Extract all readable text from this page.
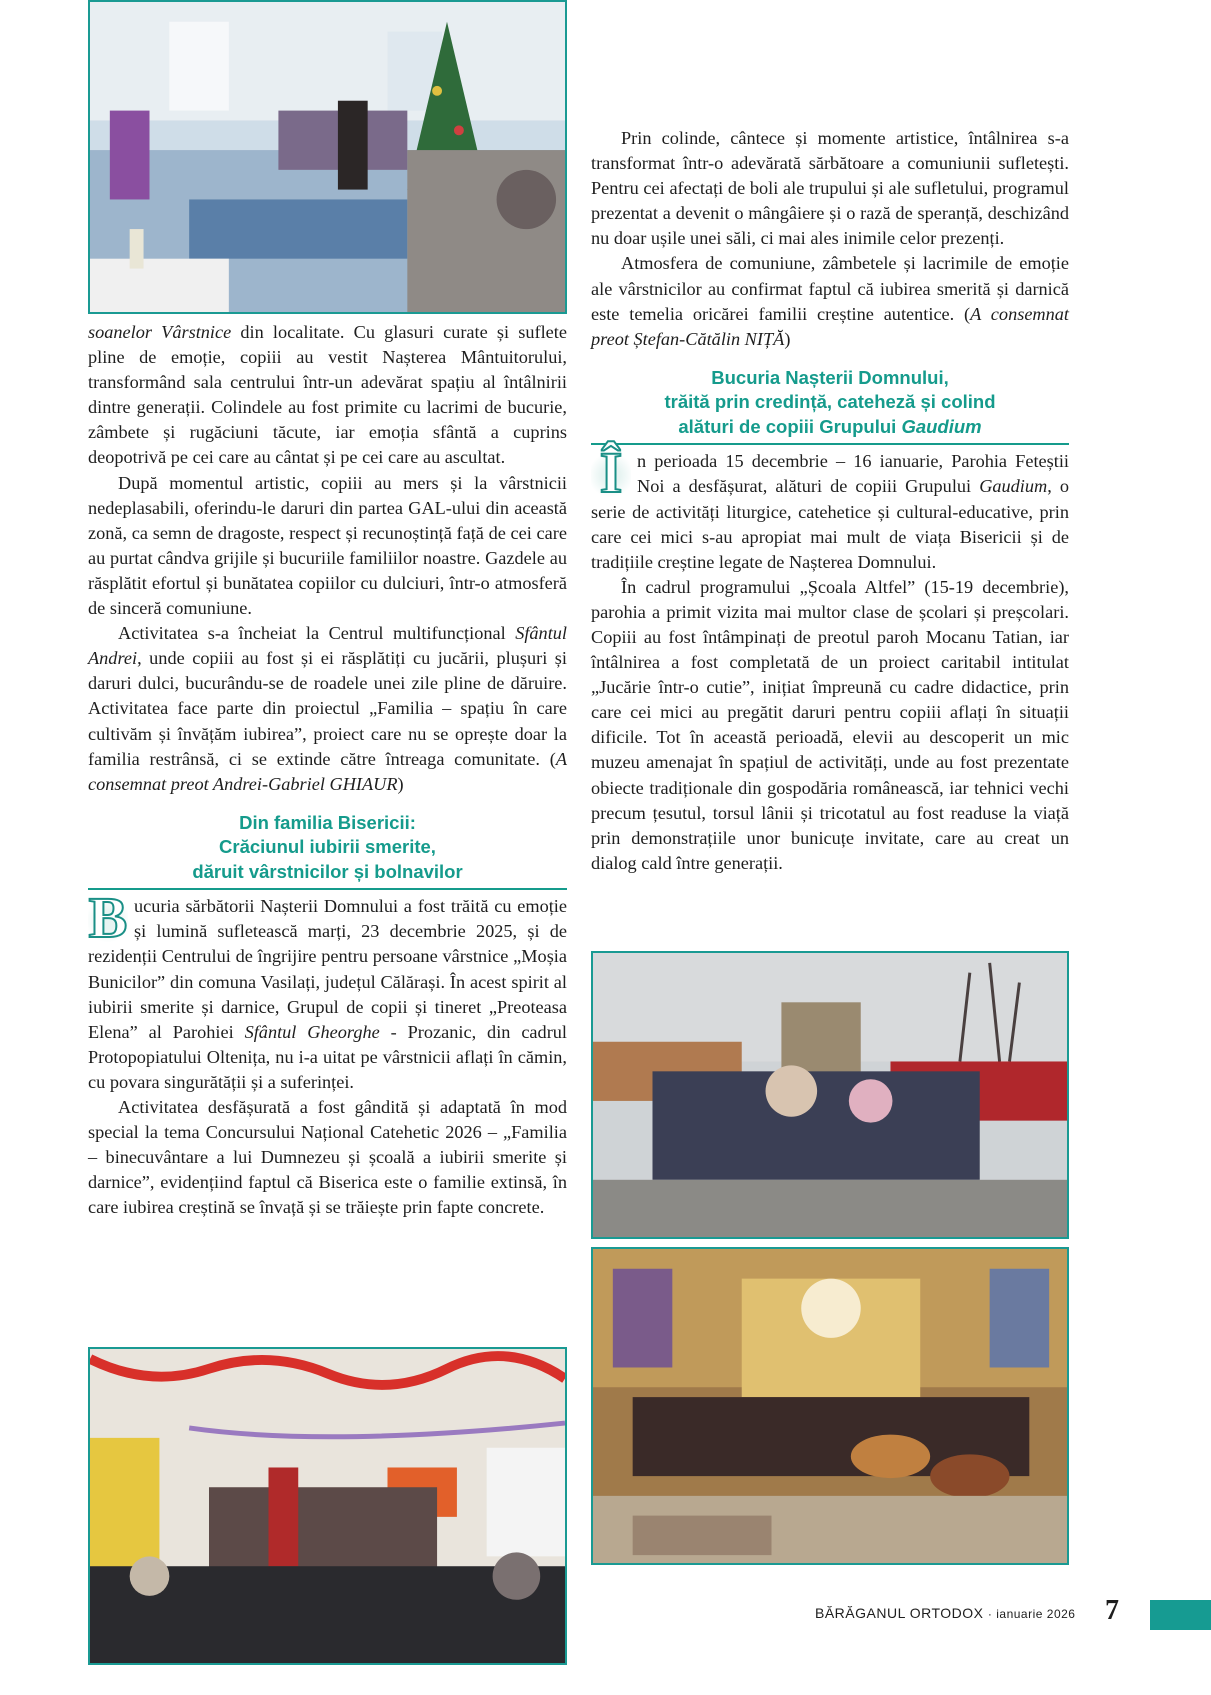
soanelor Vârstnice din localitate. Cu glasuri curate și suflete pline de emoție, copiii au vestit Nașterea Mântuitorului, transformând sala centrului într-un adevărat spațiu al întâlnirii dintre generații. Colindele au fost primite cu lacrimi de bucurie, zâmbete și rugăciuni tăcute, iar emoția sfântă a cuprins deopotrivă pe cei care au cântat și pe cei care au ascultat.

După momentul artistic, copiii au mers și la vârstnicii nedeplasabili, oferindu-le daruri din partea GAL-ului din această zonă, ca semn de dragoste, respect și recunoștință față de cei care au purtat cândva grijile și bucuriile familiilor noastre. Gazdele au răsplătit efortul și bunătatea copiilor cu dulciuri, într-o atmosferă de sinceră comuniune.

Activitatea s-a încheiat la Centrul multifuncțional Sfântul Andrei, unde copiii au fost și ei răsplătiți cu jucării, plușuri și daruri dulci, bucurându-se de roadele unei zile pline de dăruire. Activitatea face parte din proiectul „Familia – spațiu în care cultivăm și învățăm iubirea”, proiect care nu se oprește doar la familia restrânsă, ci se extinde către întreaga comunitate. (A consemnat preot Andrei-Gabriel GHIAUR)

Din familia Bisericii:
Crăciunul iubirii smerite,
dăruit vârstnicilor și bolnavilor

Bucuria sărbătorii Nașterii Domnului a fost trăită cu emoție și lumină sufletească marți, 23 decembrie 2025, și de rezidenții Centrului de îngrijire pentru persoane vârstnice „Moșia Bunicilor” din comuna Vasilați, județul Călărași. În acest spirit al iubirii smerite și darnice, Grupul de copii și tineret „Preoteasa Elena” al Parohiei Sfântul Gheorghe - Prozanic, din cadrul Protopopiatului Oltenița, nu i-a uitat pe vârstnicii aflați în cămin, cu povara singurătății și a suferinței.

Activitatea desfășurată a fost gândită și adaptată în mod special la tema Concursului Național Catehetic 2026 – „Familia – binecuvântare a lui Dumnezeu și școală a iubirii smerite și darnice”, evidențiind faptul că Biserica este o familie extinsă, în care iubirea creștină se învață și se trăiește prin fapte concrete.

Prin colinde, cântece și momente artistice, întâlnirea s-a transformat într-o adevărată sărbătoare a comuniunii sufletești. Pentru cei afectați de boli ale trupului și ale sufletului, programul prezentat a devenit o mângâiere și o rază de speranță, deschizând nu doar ușile unei săli, ci mai ales inimile celor prezenți.

Atmosfera de comuniune, zâmbetele și lacrimile de emoție ale vârstnicilor au confirmat faptul că iubirea smerită și darnică este temelia oricărei familii creștine autentice. (A consemnat preot Ștefan-Cătălin NIȚĂ)

Bucuria Nașterii Domnului,
trăită prin credință, cateheză și colind
alături de copiii Grupului Gaudium

În perioada 15 decembrie – 16 ianuarie, Parohia Feteștii Noi a desfășurat, alături de copiii Grupului Gaudium, o serie de activități liturgice, catehetice și cultural-educative, prin care cei mici s-au apropiat mai mult de viața Bisericii și de tradițiile creștine legate de Nașterea Domnului.

În cadrul programului „Școala Altfel” (15-19 decembrie), parohia a primit vizita mai multor clase de școlari și preșcolari. Copiii au fost întâmpinați de preotul paroh Mocanu Tatian, iar întâlnirea a fost completată de un proiect caritabil intitulat „Jucărie într-o cutie”, inițiat împreună cu cadre didactice, prin care cei mici au pregătit daruri pentru copiii aflați în situații dificile. Tot în această perioadă, elevii au descoperit un mic muzeu amenajat în spațiul de activități, unde au fost prezentate obiecte tradiționale din gospodăria românească, iar tehnici vechi precum țesutul, torsul lânii și tricotatul au fost readuse la viață prin demonstrațiile unor bunicuțe invitate, care au creat un dialog cald între generații.

BĂRĂGANUL ORTODOX · ianuarie 2026 7
